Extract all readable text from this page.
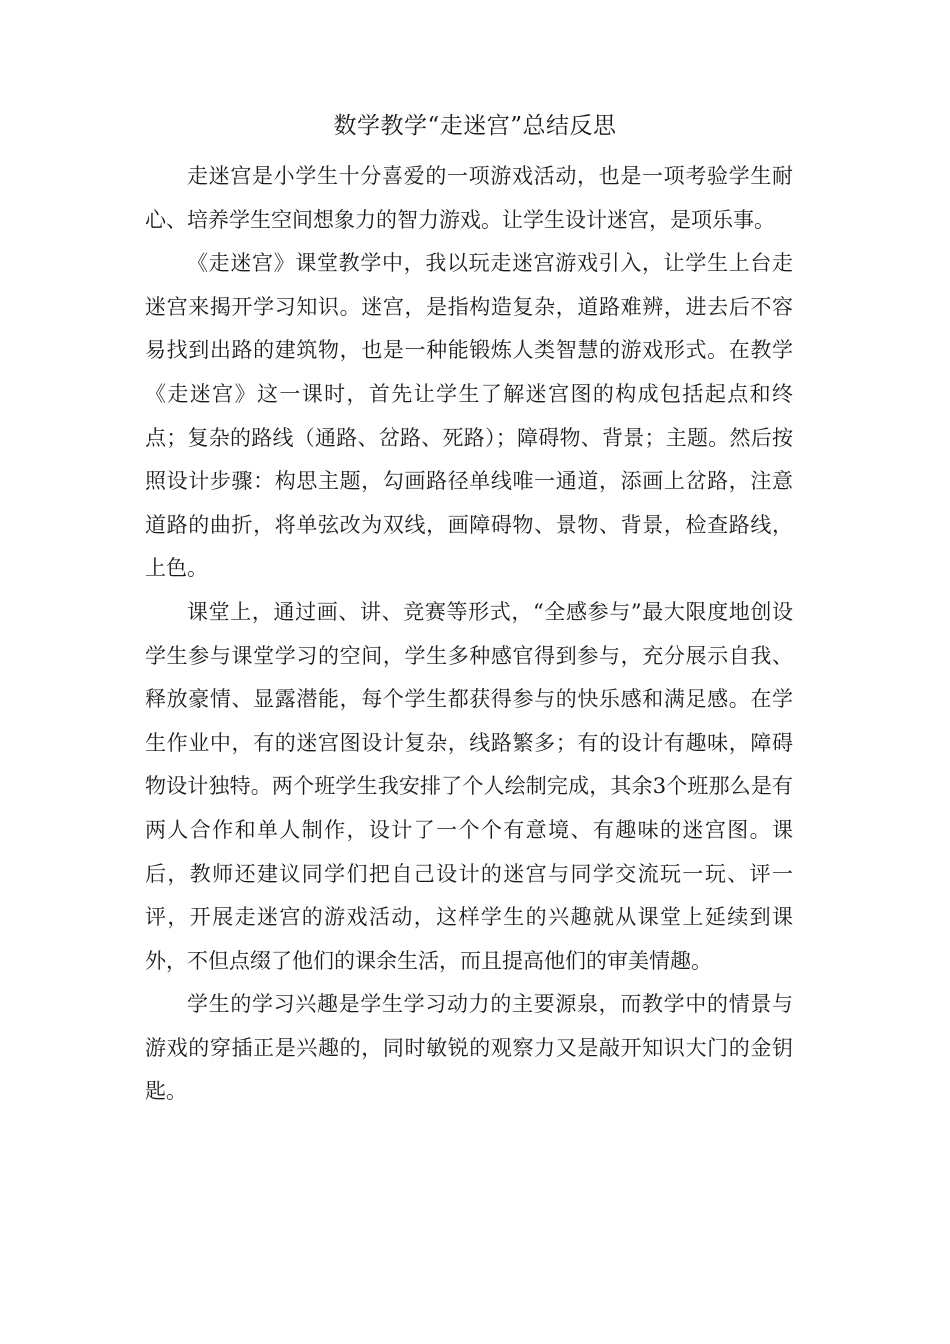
数学教学“走迷宫”总结反思

走迷宫是小学生十分喜爱的一项游戏活动，也是一项考验学生耐心、培养学生空间想象力的智力游戏。让学生设计迷宫，是项乐事。

《走迷宫》课堂教学中，我以玩走迷宫游戏引入，让学生上台走迷宫来揭开学习知识。迷宫，是指构造复杂，道路难辨，进去后不容易找到出路的建筑物，也是一种能锻炼人类智慧的游戏形式。在教学《走迷宫》这一课时，首先让学生了解迷宫图的构成包括起点和终点；复杂的路线（通路、岔路、死路）；障碍物、背景；主题。然后按照设计步骤：构思主题，勾画路径单线唯一通道，添画上岔路，注意道路的曲折，将单弦改为双线，画障碍物、景物、背景，检查路线，上色。

课堂上，通过画、讲、竞赛等形式，“全感参与”最大限度地创设学生参与课堂学习的空间，学生多种感官得到参与，充分展示自我、释放豪情、显露潜能，每个学生都获得参与的快乐感和满足感。在学生作业中，有的迷宫图设计复杂，线路繁多；有的设计有趣味，障碍物设计独特。两个班学生我安排了个人绘制完成，其余3个班那么是有两人合作和单人制作，设计了一个个有意境、有趣味的迷宫图。课后，教师还建议同学们把自己设计的迷宫与同学交流玩一玩、评一评，开展走迷宫的游戏活动，这样学生的兴趣就从课堂上延续到课外，不但点缀了他们的课余生活，而且提高他们的审美情趣。

学生的学习兴趣是学生学习动力的主要源泉，而教学中的情景与游戏的穿插正是兴趣的，同时敏锐的观察力又是敲开知识大门的金钥匙。
